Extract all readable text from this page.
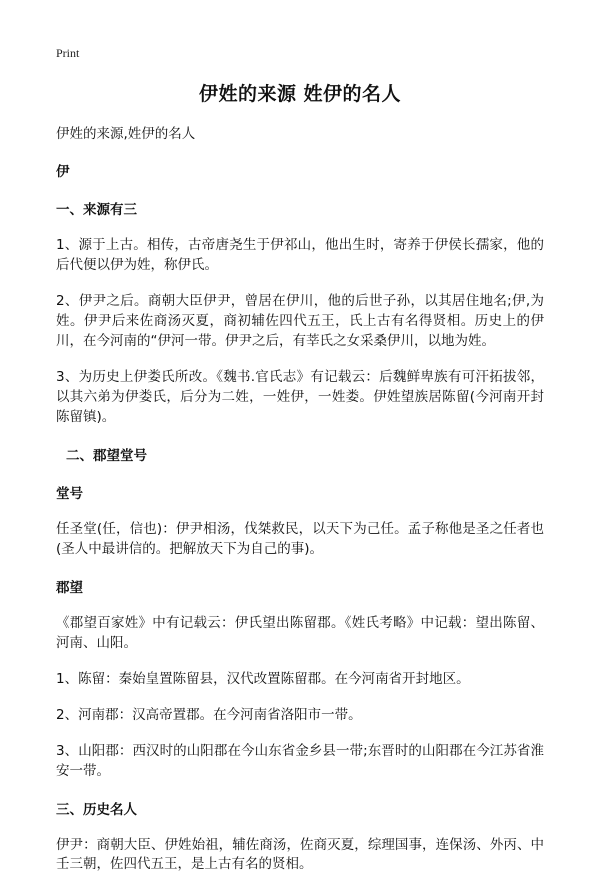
Print
伊姓的来源 姓伊的名人
伊姓的来源,姓伊的名人
伊
一、来源有三

1、源于上古。相传，古帝唐尧生于伊祁山，他出生时，寄养于伊侯长孺家，他的后代便以伊为姓，称伊氏。

2、伊尹之后。商朝大臣伊尹，曾居在伊川，他的后世子孙，以其居住地名;伊,为姓。伊尹后来佐商汤灭夏，商初辅佐四代五王，氏上古有名得贤相。历史上的伊川，在今河南的“伊河一带。伊尹之后，有莘氏之女采桑伊川，以地为姓。

3、为历史上伊娄氏所改。《魏书.官氏志》有记载云：后魏鲜卑族有可汗拓拔邻，以其六弟为伊娄氏，后分为二姓，一姓伊，一姓娄。伊姓望族居陈留(今河南开封陈留镇)。

二、郡望堂号
堂号

任圣堂(任，信也)：伊尹相汤，伐桀救民，以天下为己任。孟子称他是圣之任者也(圣人中最讲信的。把解放天下为自己的事)。

郡望

《郡望百家姓》中有记载云：伊氏望出陈留郡。《姓氏考略》中记载：望出陈留、河南、山阳。

1、陈留：秦始皇置陈留县，汉代改置陈留郡。在今河南省开封地区。

2、河南郡：汉高帝置郡。在今河南省洛阳市一带。

3、山阳郡：西汉时的山阳郡在今山东省金乡县一带;东晋时的山阳郡在今江苏省淮安一带。

三、历史名人

伊尹：商朝大臣、伊姓始祖，辅佐商汤，佐商灭夏，综理国事，连保汤、外丙、中壬三朝，佐四代五王，是上古有名的贤相。
